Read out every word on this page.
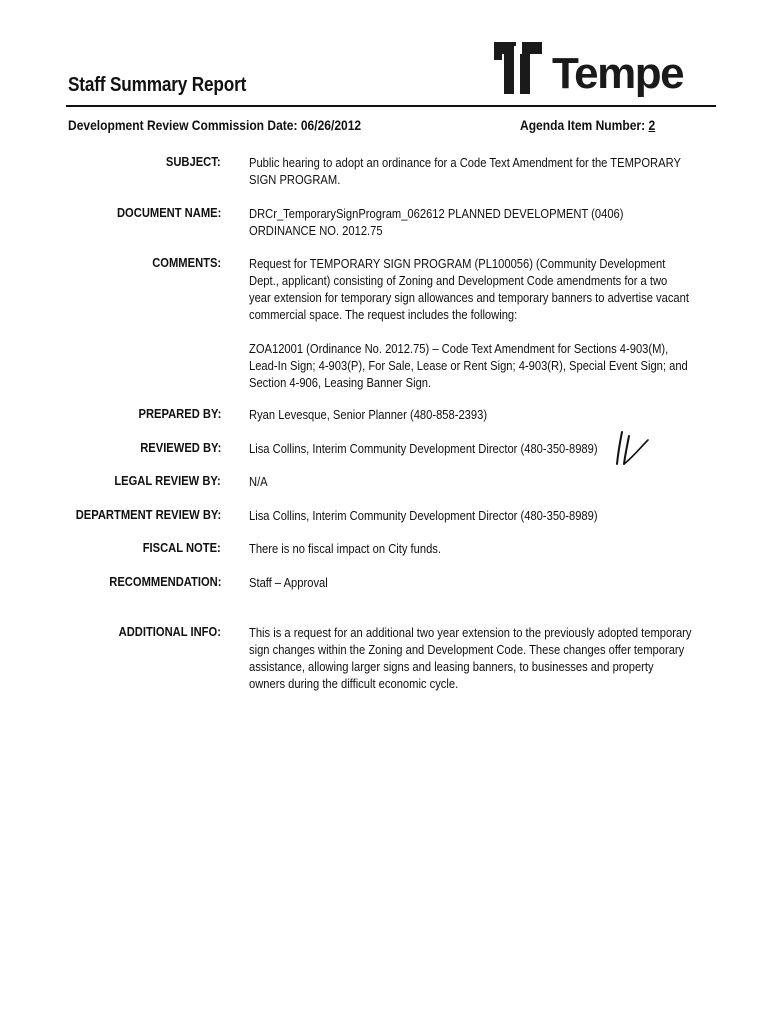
Tempe
Staff Summary Report
Development Review Commission Date: 06/26/2012	Agenda Item Number: 2
SUBJECT: Public hearing to adopt an ordinance for a Code Text Amendment for the TEMPORARY

SIGN PROGRAM.

DOCUMENT NAME: DRCr_TemporarySignProgram_062612 PLANNED DEVELOPMENT (0406)

ORDINANCE NO. 2012.75

COMMENTS: Request for TEMPORARY SIGN PROGRAM (PL100056) (Community Development

Dept., applicant) consisting of Zoning and Development Code amendments for a two

year extension for temporary sign allowances and temporary banners to advertise vacant

commercial space. The request includes the following:

ZOA12001 (Ordinance No. 2012.75) – Code Text Amendment for Sections 4-903(M),

Lead-In Sign; 4-903(P), For Sale, Lease or Rent Sign; 4-903(R), Special Event Sign; and

Section 4-906, Leasing Banner Sign.

PREPARED BY: Ryan Levesque, Senior Planner (480-858-2393)
REVIEWED BY: Lisa Collins, Interim Community Development Director (480-350-8989)
LEGAL REVIEW BY: N/A
DEPARTMENT REVIEW BY: Lisa Collins, Interim Community Development Director (480-350-8989)
FISCAL NOTE: There is no fiscal impact on City funds.
RECOMMENDATION: Staff – Approval
ADDITIONAL INFO: This is a request for an additional two year extension to the previously adopted temporary

sign changes within the Zoning and Development Code. These changes offer temporary

assistance, allowing larger signs and leasing banners, to businesses and property

owners during the difficult economic cycle.
